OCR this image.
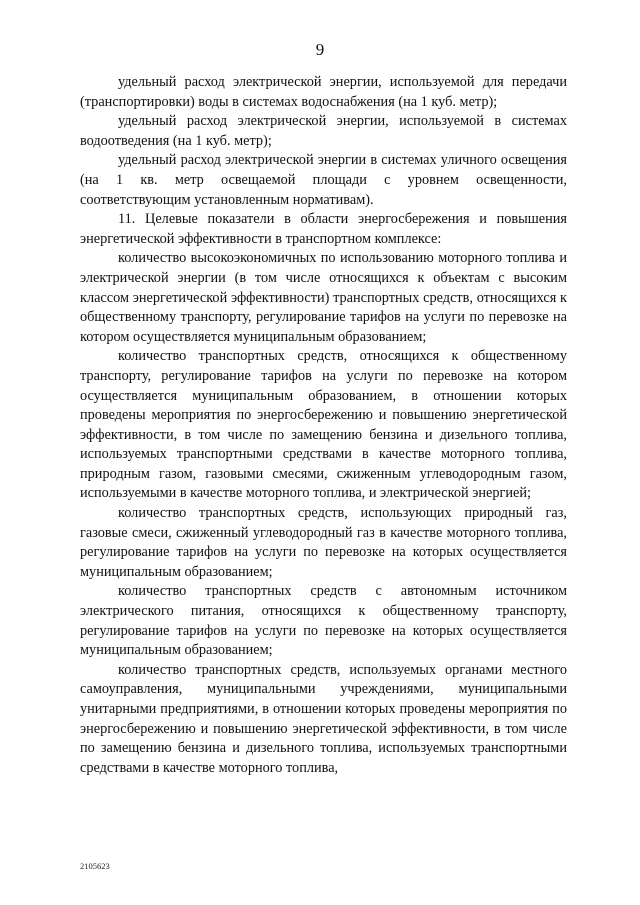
9

удельный расход электрической энергии, используемой для передачи (транспортировки) воды в системах водоснабжения (на 1 куб. метр);

удельный расход электрической энергии, используемой в системах водоотведения (на 1 куб. метр);

удельный расход электрической энергии в системах уличного освещения (на 1 кв. метр освещаемой площади с уровнем освещенности, соответствующим установленным нормативам).

11. Целевые показатели в области энергосбережения и повышения энергетической эффективности в транспортном комплексе:

количество высокоэкономичных по использованию моторного топлива и электрической энергии (в том числе относящихся к объектам с высоким классом энергетической эффективности) транспортных средств, относящихся к общественному транспорту, регулирование тарифов на услуги по перевозке на котором осуществляется муниципальным образованием;

количество транспортных средств, относящихся к общественному транспорту, регулирование тарифов на услуги по перевозке на котором осуществляется муниципальным образованием, в отношении которых проведены мероприятия по энергосбережению и повышению энергетической эффективности, в том числе по замещению бензина и дизельного топлива, используемых транспортными средствами в качестве моторного топлива, природным газом, газовыми смесями, сжиженным углеводородным газом, используемыми в качестве моторного топлива, и электрической энергией;

количество транспортных средств, использующих природный газ, газовые смеси, сжиженный углеводородный газ в качестве моторного топлива, регулирование тарифов на услуги по перевозке на которых осуществляется муниципальным образованием;

количество транспортных средств с автономным источником электрического питания, относящихся к общественному транспорту, регулирование тарифов на услуги по перевозке на которых осуществляется муниципальным образованием;

количество транспортных средств, используемых органами местного самоуправления, муниципальными учреждениями, муниципальными унитарными предприятиями, в отношении которых проведены мероприятия по энергосбережению и повышению энергетической эффективности, в том числе по замещению бензина и дизельного топлива, используемых транспортными средствами в качестве моторного топлива,

2105623
